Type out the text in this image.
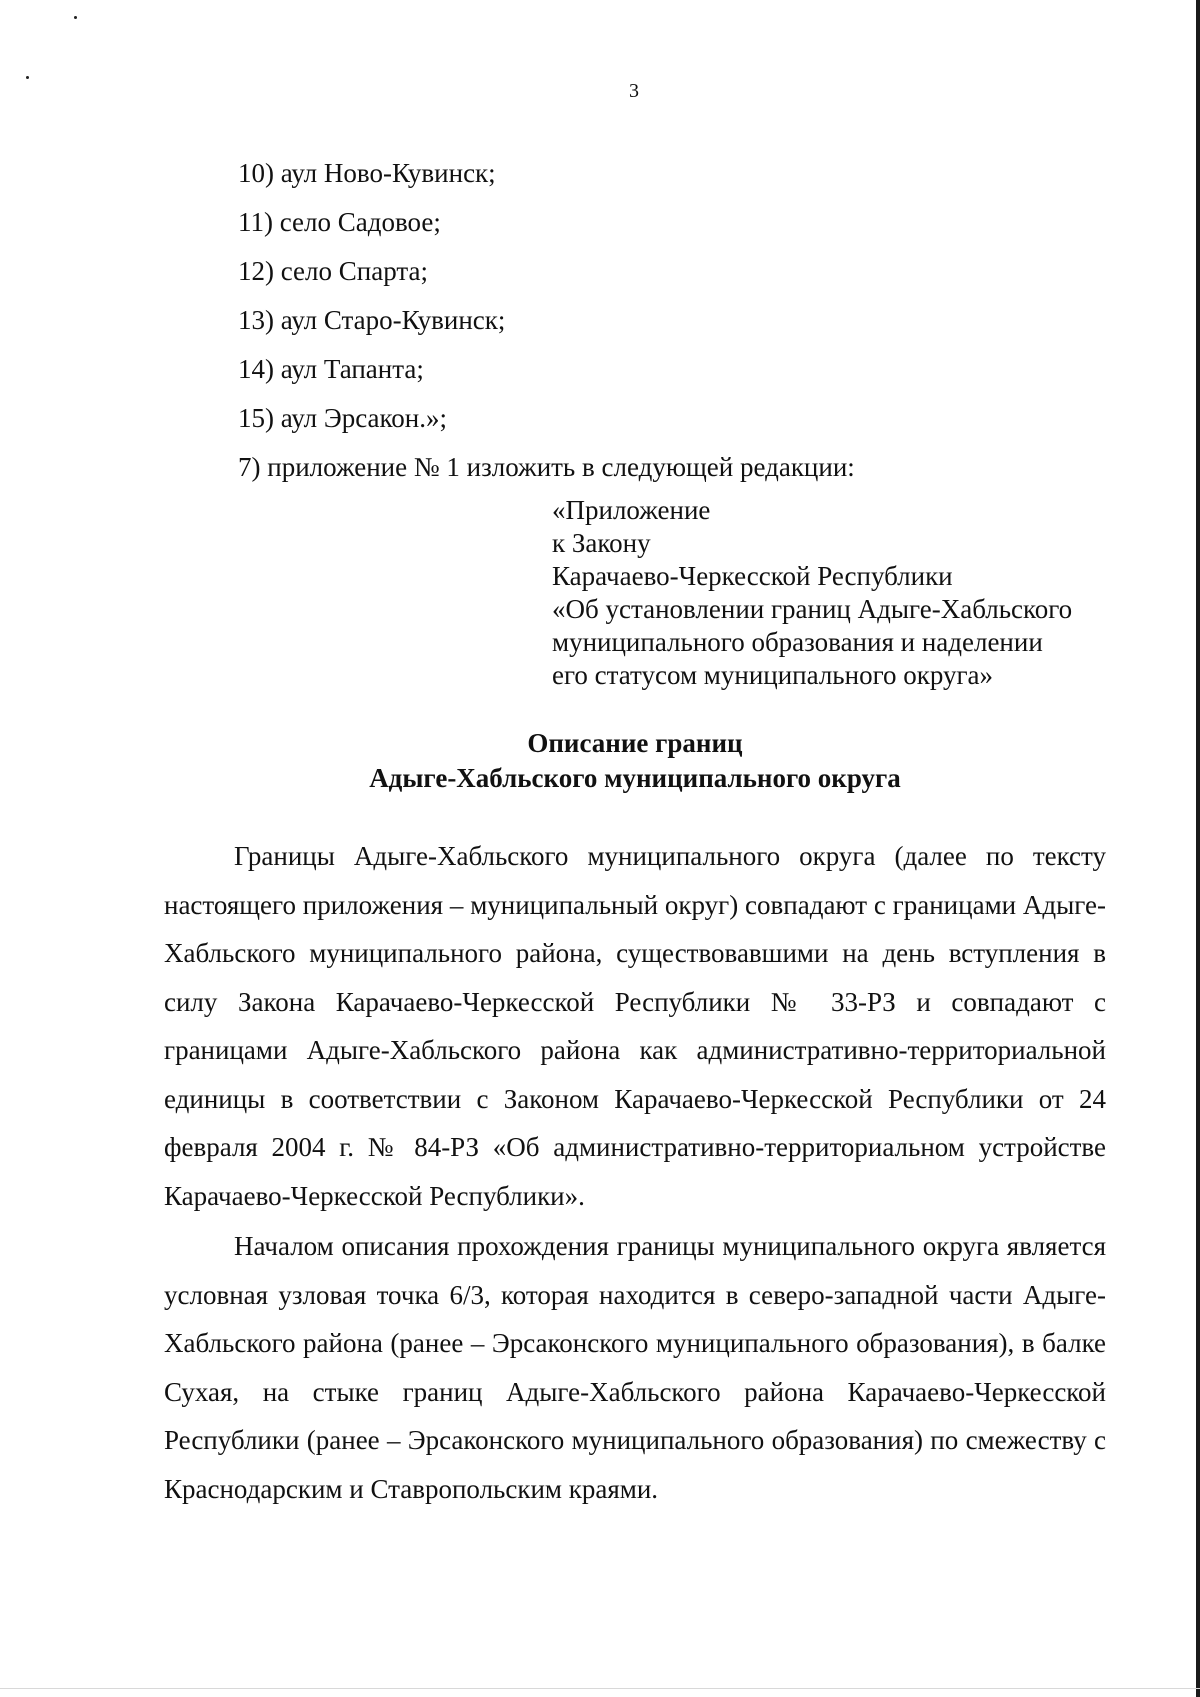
3
10) аул Ново-Кувинск;
11) село Садовое;
12) село Спарта;
13) аул Старо-Кувинск;
14) аул Тапанта;
15) аул Эрсакон.»;
7) приложение № 1 изложить в следующей редакции:
«Приложение
к Закону
Карачаево-Черкесской Республики
«Об установлении границ Адыге-Хабльского
муниципального образования и наделении
его статусом муниципального округа»
Описание границ
Адыге-Хабльского муниципального округа

Границы Адыге-Хабльского муниципального округа (далее по тексту настоящего приложения – муниципальный округ) совпадают с границами Адыге-Хабльского муниципального района, существовавшими на день вступления в силу Закона Карачаево-Черкесской Республики № 33-РЗ и совпадают с границами Адыге-Хабльского района как административно-территориальной единицы в соответствии с Законом Карачаево-Черкесской Республики от 24 февраля 2004 г. № 84-РЗ «Об административно-территориальном устройстве Карачаево-Черкесской Республики».

Началом описания прохождения границы муниципального округа является условная узловая точка 6/3, которая находится в северо-западной части Адыге-Хабльского района (ранее – Эрсаконского муниципального образования), в балке Сухая, на стыке границ Адыге-Хабльского района Карачаево-Черкесской Республики (ранее – Эрсаконского муниципального образования) по смежеству с Краснодарским и Ставропольским краями.
